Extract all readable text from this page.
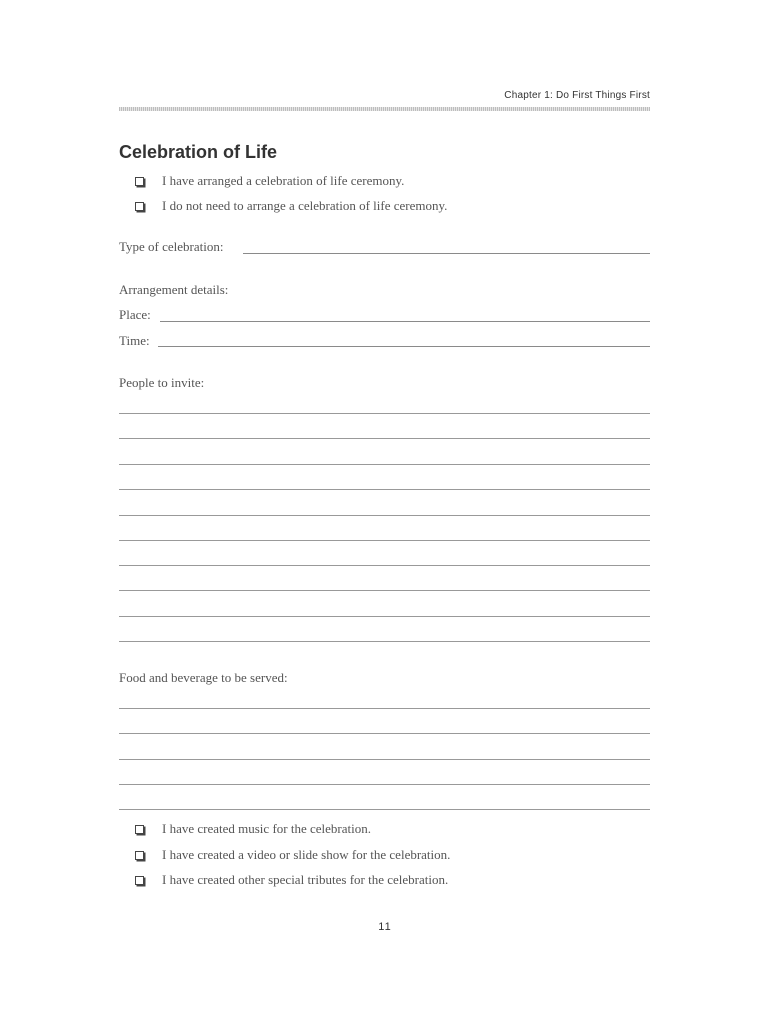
Chapter 1: Do First Things First
Celebration of Life
I have arranged a celebration of life ceremony.
I do not need to arrange a celebration of life ceremony.
Type of celebration:
Arrangement details:
Place:
Time:
People to invite:
Food and beverage to be served:
I have created music for the celebration.
I have created a video or slide show for the celebration.
I have created other special tributes for the celebration.
11
